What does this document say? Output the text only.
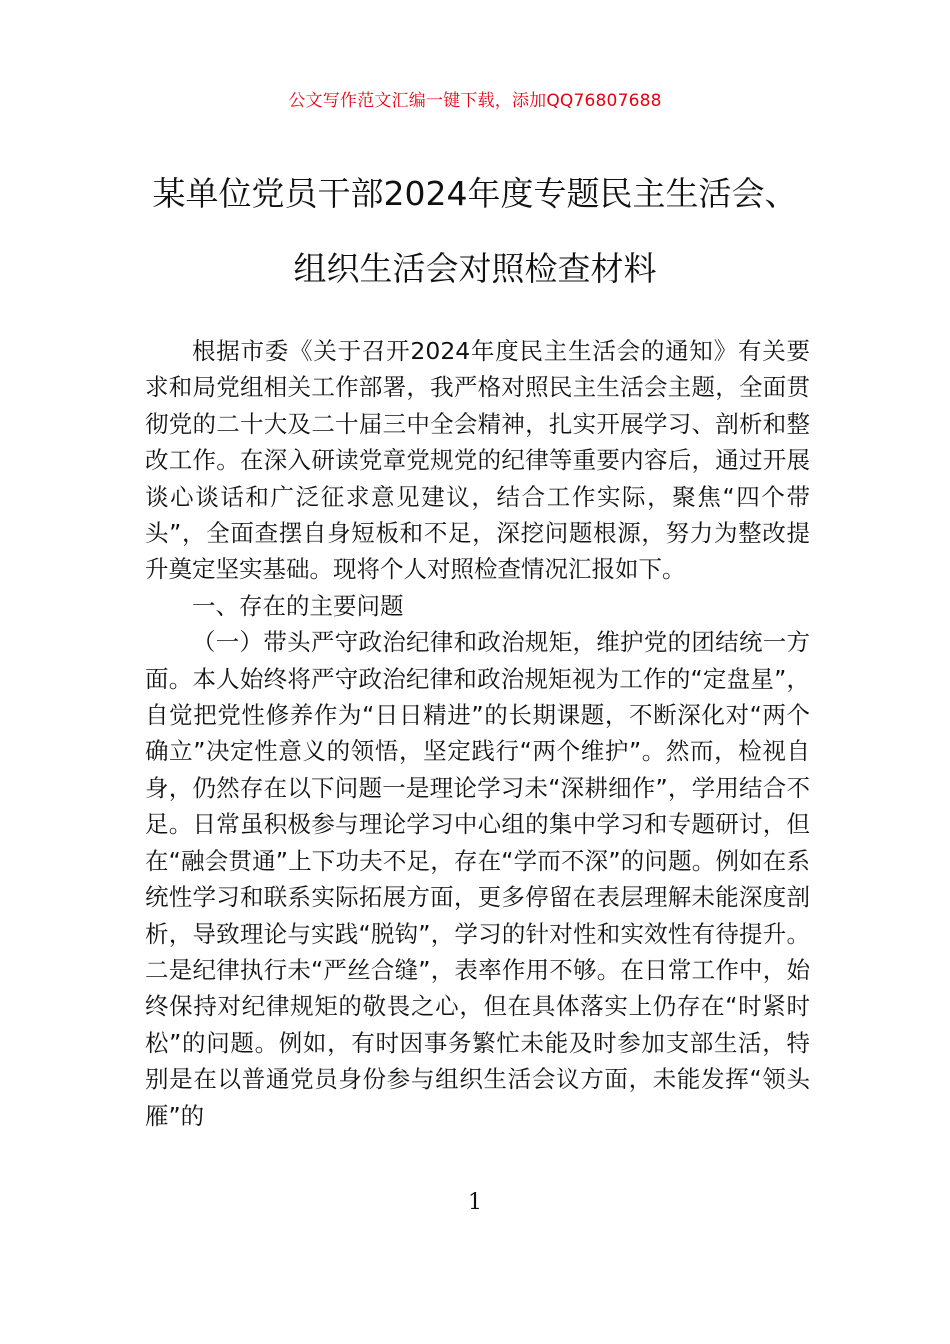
公文写作范文汇编一键下载，添加QQ76807688
某单位党员干部2024年度专题民主生活会、
组织生活会对照检查材料

根据市委《关于召开2024年度民主生活会的通知》有关要求和局党组相关工作部署，我严格对照民主生活会主题，全面贯彻党的二十大及二十届三中全会精神，扎实开展学习、剖析和整改工作。在深入研读党章党规党的纪律等重要内容后，通过开展谈心谈话和广泛征求意见建议，结合工作实际，聚焦“四个带头”，全面查摆自身短板和不足，深挖问题根源，努力为整改提升奠定坚实基础。现将个人对照检查情况汇报如下。

一、存在的主要问题

（一）带头严守政治纪律和政治规矩，维护党的团结统一方面。本人始终将严守政治纪律和政治规矩视为工作的“定盘星”，自觉把党性修养作为“日日精进”的长期课题，不断深化对“两个确立”决定性意义的领悟，坚定践行“两个维护”。然而，检视自身，仍然存在以下问题一是理论学习未“深耕细作”，学用结合不足。日常虽积极参与理论学习中心组的集中学习和专题研讨，但在“融会贯通”上下功夫不足，存在“学而不深”的问题。例如在系统性学习和联系实际拓展方面，更多停留在表层理解未能深度剖析，导致理论与实践“脱钩”，学习的针对性和实效性有待提升。二是纪律执行未“严丝合缝”，表率作用不够。在日常工作中，始终保持对纪律规矩的敬畏之心，但在具体落实上仍存在“时紧时松”的问题。例如，有时因事务繁忙未能及时参加支部生活，特别是在以普通党员身份参与组织生活会议方面，未能发挥“领头雁”的

1
